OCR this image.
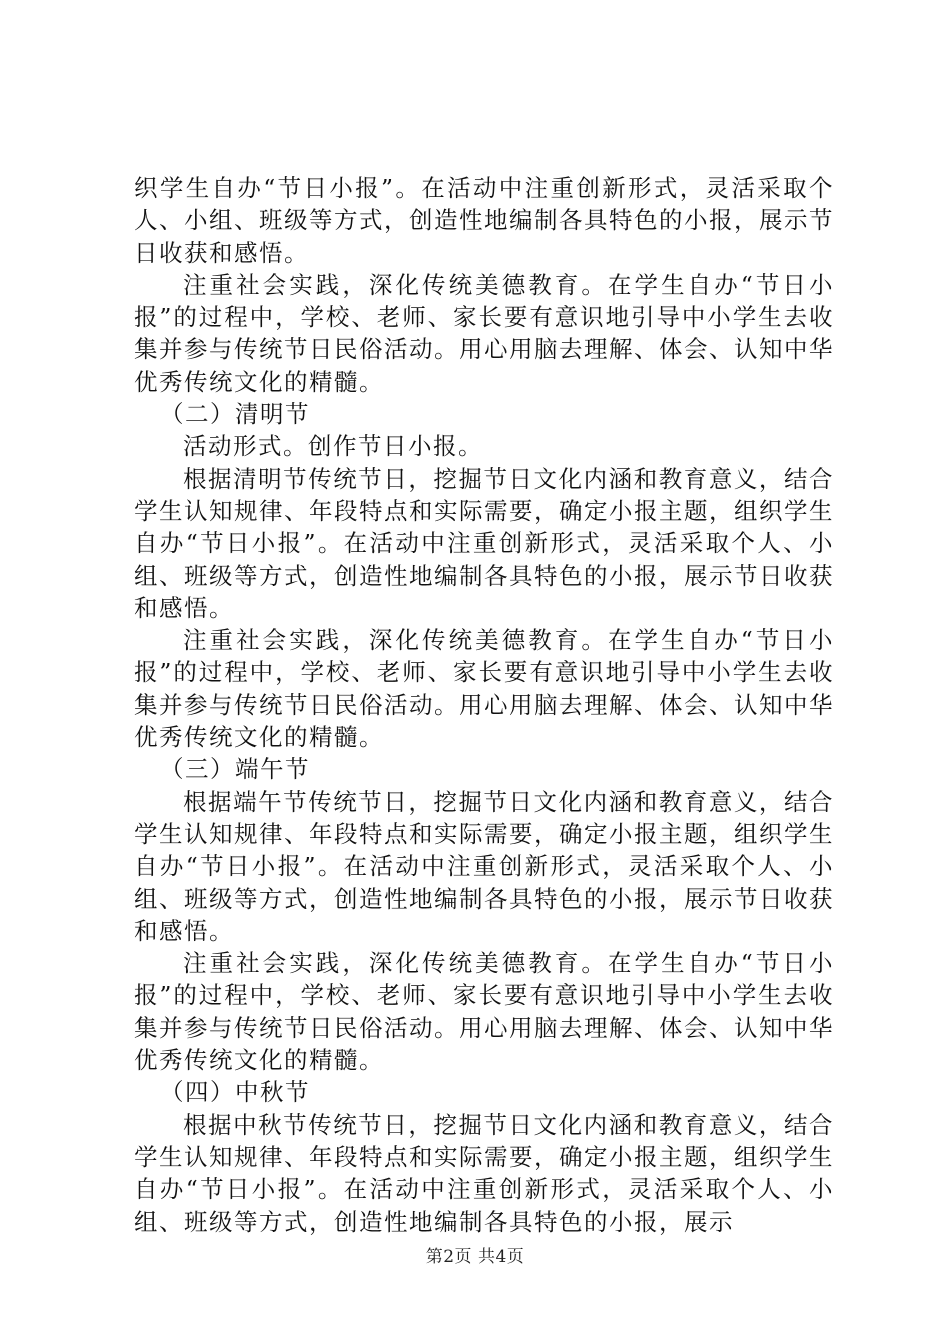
织学生自办“节日小报”。在活动中注重创新形式，灵活采取个人、小组、班级等方式，创造性地编制各具特色的小报，展示节日收获和感悟。

注重社会实践，深化传统美德教育。在学生自办“节日小报”的过程中，学校、老师、家长要有意识地引导中小学生去收集并参与传统节日民俗活动。用心用脑去理解、体会、认知中华优秀传统文化的精髓。

（二）清明节

活动形式。创作节日小报。

根据清明节传统节日，挖掘节日文化内涵和教育意义，结合学生认知规律、年段特点和实际需要，确定小报主题，组织学生自办“节日小报”。在活动中注重创新形式，灵活采取个人、小组、班级等方式，创造性地编制各具特色的小报，展示节日收获和感悟。

注重社会实践，深化传统美德教育。在学生自办“节日小报”的过程中，学校、老师、家长要有意识地引导中小学生去收集并参与传统节日民俗活动。用心用脑去理解、体会、认知中华优秀传统文化的精髓。

（三）端午节

根据端午节传统节日，挖掘节日文化内涵和教育意义，结合学生认知规律、年段特点和实际需要，确定小报主题，组织学生自办“节日小报”。在活动中注重创新形式，灵活采取个人、小组、班级等方式，创造性地编制各具特色的小报，展示节日收获和感悟。

注重社会实践，深化传统美德教育。在学生自办“节日小报”的过程中，学校、老师、家长要有意识地引导中小学生去收集并参与传统节日民俗活动。用心用脑去理解、体会、认知中华优秀传统文化的精髓。

（四）中秋节

根据中秋节传统节日，挖掘节日文化内涵和教育意义，结合学生认知规律、年段特点和实际需要，确定小报主题，组织学生自办“节日小报”。在活动中注重创新形式，灵活采取个人、小组、班级等方式，创造性地编制各具特色的小报，展示

第2页 共4页
